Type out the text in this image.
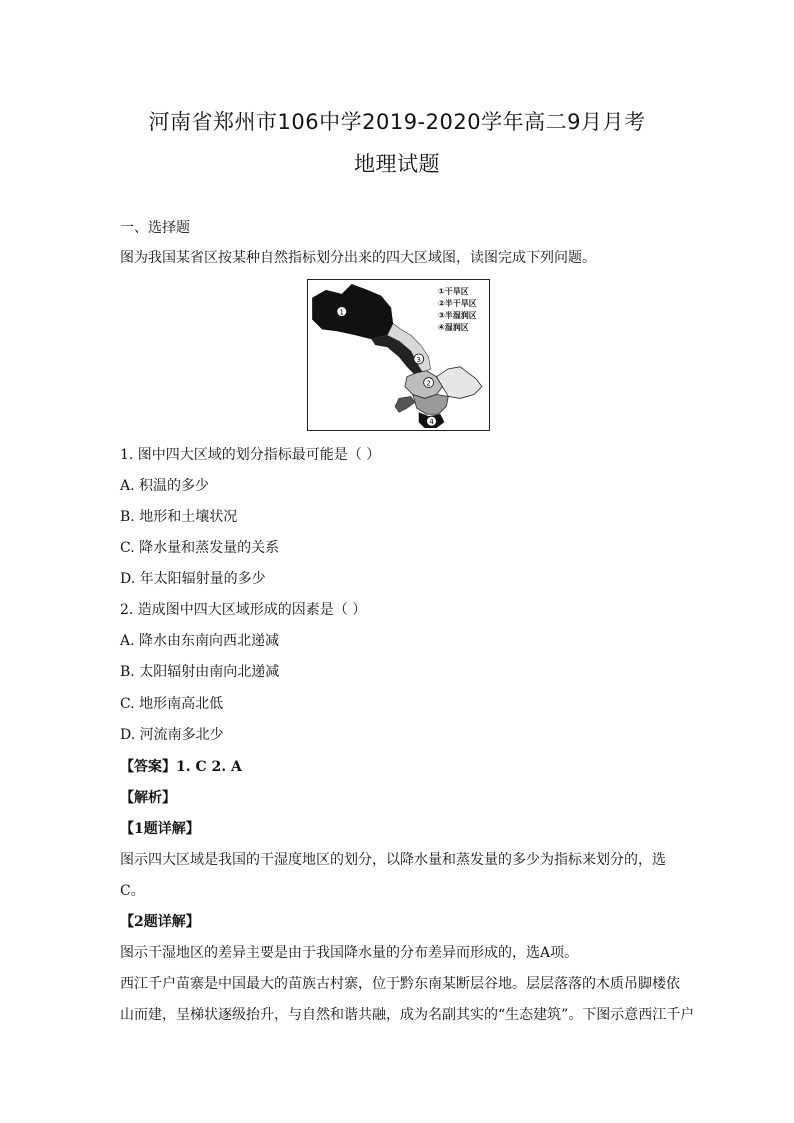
河南省郑州市106中学2019-2020学年高二9月月考
地理试题
一、选择题
图为我国某省区按某种自然指标划分出来的四大区域图，读图完成下列问题。
1
2
3
4
①干旱区
②半干旱区
③半湿润区
④湿润区
1. 图中四大区域的划分指标最可能是（ ）
A. 积温的多少
B. 地形和土壤状况
C. 降水量和蒸发量的关系
D. 年太阳辐射量的多少
2. 造成图中四大区域形成的因素是（ ）
A. 降水由东南向西北递减
B. 太阳辐射由南向北递减
C. 地形南高北低
D. 河流南多北少
【答案】1. C 2. A
【解析】
【1题详解】
图示四大区域是我国的干湿度地区的划分，以降水量和蒸发量的多少为指标来划分的，选
C。
【2题详解】
图示干湿地区的差异主要是由于我国降水量的分布差异而形成的，选A项。
西江千户苗寨是中国最大的苗族古村寨，位于黔东南某断层谷地。层层落落的木质吊脚楼依
山而建，呈梯状逐级抬升，与自然和谐共融，成为名副其实的“生态建筑”。下图示意西江千户
